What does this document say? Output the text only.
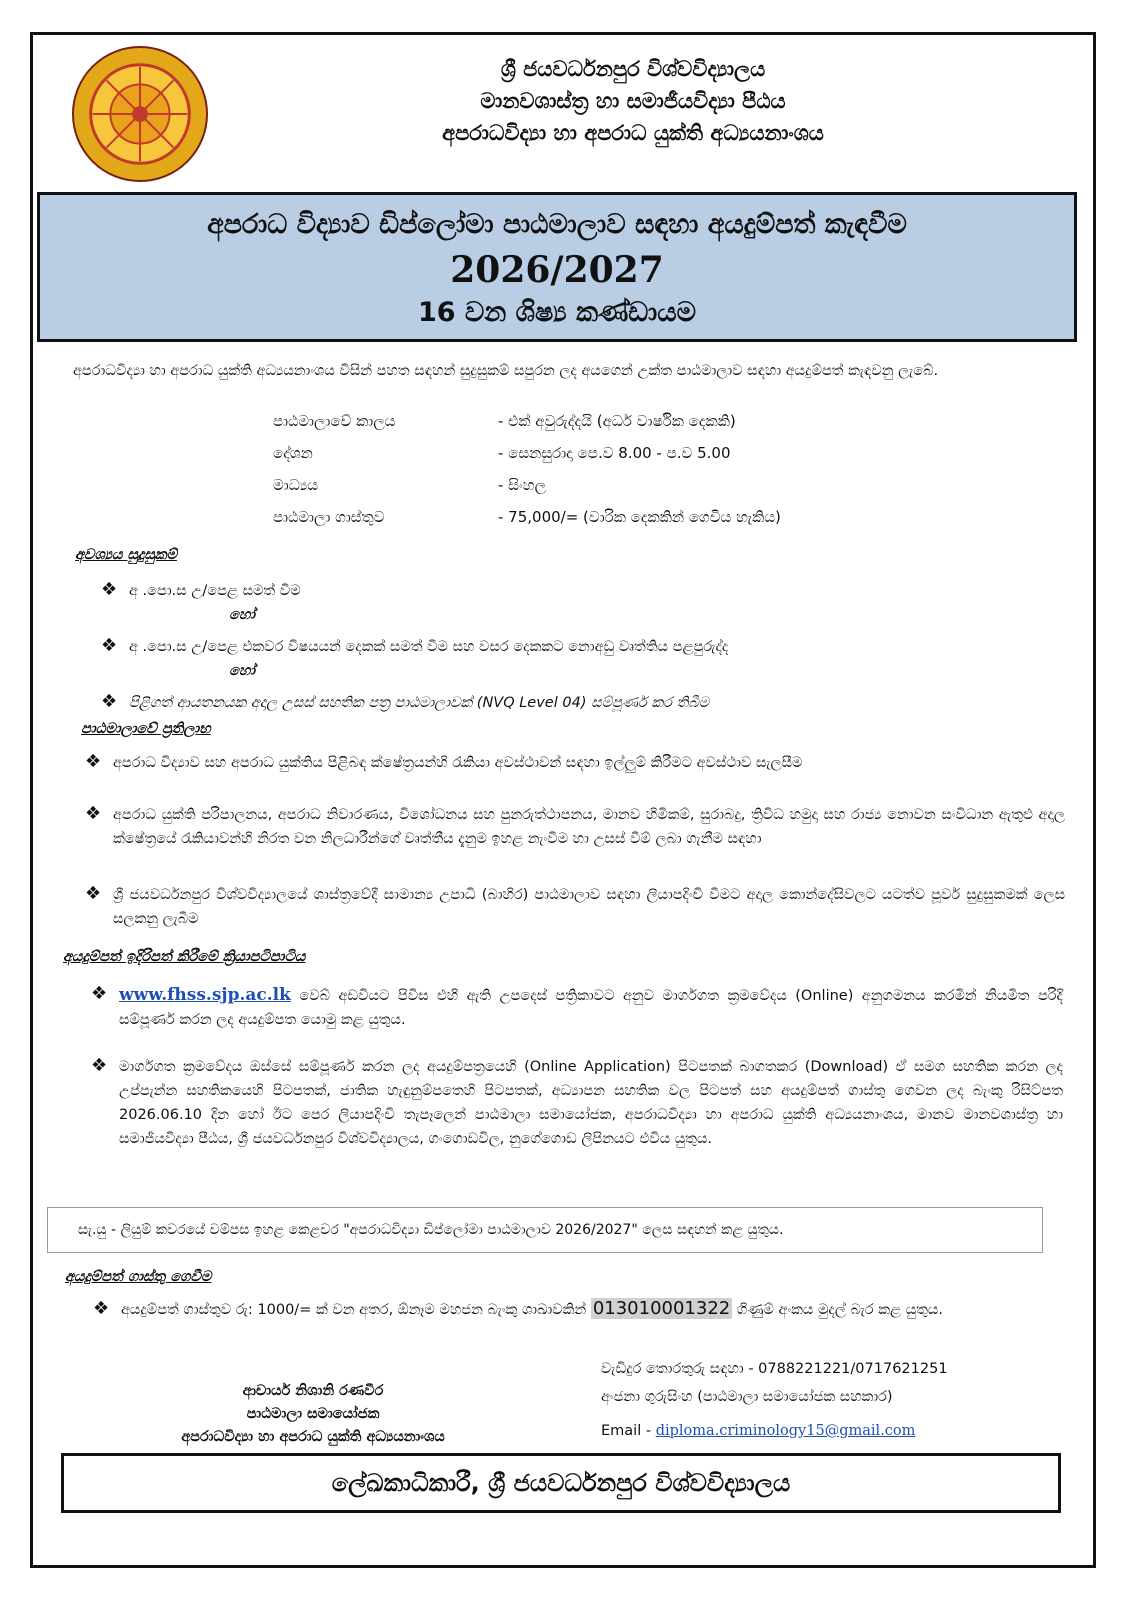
ශ්‍රී ජයවර්ධනපුර විශ්වවිද්‍යාලය
මානවශාස්ත්‍ර හා සමාජීයවිද්‍යා පීඨය
අපරාධවිද්‍යා හා අපරාධ යුක්ති අධ්‍යයනාංශය
අපරාධ විද්‍යාව ඩිප්ලෝමා පාඨමාලාව සඳහා අයදුම්පත් කැඳවීම
2026/2027
16 වන ශිෂ්‍ය කණ්ඩායම
අපරාධවිද්‍යා හා අපරාධ යුක්ති අධ්‍යයනාංශය විසින් පහත සඳහන් සුදුසුකම් සපුරන ලද අයගෙන් උක්ත පාඨමාලාව සඳහා අයදුම්පත් කැඳවනු ලැබේ.
පාඨමාලාවේ කාලය	- එක් අවුරුද්දයි (අර්ධ වාර්ෂික දෙකකි)
දේශන	- සෙනසුරාදා පෙ.ව 8.00 - ප.ව 5.00
මාධ්‍යය	- සිංහල
පාඨමාලා ගාස්තුව	- 75,000/= (වාරික දෙකකින් ගෙවිය හැකිය)
අවශ්‍යය සුදුසුකම්
❖ අ .පො.ස උ/පෙළ සමත් වීම
හෝ
❖ අ .පො.ස උ/පෙළ එකවර විෂයයන් දෙකක් සමත් වීම සහ වසර දෙකකට නොඅඩු වෘත්තිය පළපුරුද්ද
හෝ
❖ පිළිගත් ආයතනයක අදාල උසස් සහතික පත්‍ර පාඨමාලාවක් (NVQ Level 04) සම්පූර්ණ කර තිබීම
පාඨමාලාවේ ප්‍රතිලාභ
❖ අපරාධ විද්‍යාව සහ අපරාධ යුක්තිය පිළිබඳ ක්ෂේත්‍රයන්හි රැකියා අවස්ථාවන් සඳහා ඉල්ලුම් කිරීමට අවස්ථාව සැලසීම
❖ අපරාධ යුක්ති පරිපාලනය, අපරාධ නිවාරණය, විශෝධනය සහ පුනරුත්ථාපනය, මානව හිමිකම්, සුරාබදු, ත්‍රිවිධ හමුදා සහ රාජ්‍ය නොවන සංවිධාන ඇතුළු අදාල ක්ෂේත්‍රයේ රැකියාවන්හි නිරත වන නිලධාරීන්ගේ වෘත්තීය දැනුම ඉහළ නැංවීම හා උසස් වීම් ලබා ගැනීම සඳහා
❖ ශ්‍රී ජයවර්ධනපුර විශ්වවිද්‍යාලයේ ශාස්ත්‍රවේදී සාමාන්‍ය උපාධි (බාහිර) පාඨමාලාව සඳහා ලියාපදිංචි වීමට අදාල කොන්දේසිවලට යටත්ව පූර්ව සුදුසුකමක් ලෙස සලකනු ලැබීම
අයදුම්පත් ඉදිරිපත් කිරීමේ ක්‍රියාපටිපාටිය
❖ www.fhss.sjp.ac.lk වෙබ් අඩවියට පිවිස එහි ඇති උපදෙස් පත්‍රිකාවට අනුව මාර්ගගත ක්‍රමවේදය (Online) අනුගමනය කරමින් නියමිත පරිදි සම්පූර්ණ කරන ලද අයදුම්පත යොමු කළ යුතුය.
❖ මාර්ගගත ක්‍රමවේදය ඔස්සේ සම්පූර්ණ කරන ලද අයදුම්පත්‍රයෙහි (Online Application) පිටපතක් බාගතකර (Download) ඒ සමග සහතික කරන ලද උප්පැන්න සහතිකයෙහි පිටපතක්, ජාතික හැඳුනුම්පතෙහි පිටපතක්, අධ්‍යාපන සහතික වල පිටපත් සහ අයදුම්පත් ගාස්තු ගෙවන ලද බැංකු රිසිට්පත 2026.06.10 දින හෝ ඊට පෙර ලියාපදිංචි තැපෑලෙන් පාඨමාලා සමායෝජක, අපරාධවිද්‍යා හා අපරාධ යුක්ති අධ්‍යයනාංශය, මානව මානවශාස්ත්‍ර හා සමාජීයවිද්‍යා පීඨය, ශ්‍රී ජයවර්ධනපුර විශ්වවිද්‍යාලය, ගංගොඩවිල, නුගේගොඩ ලිපිනයට එවිය යුතුය.
සැ.යු - ලියුම් කවරයේ වම්පස ඉහළ කෙළවර "අපරාධවිද්‍යා ඩිප්ලෝමා පාඨමාලාව 2026/2027" ලෙස සඳහන් කළ යුතුය.
අයදුම්පත් ගාස්තු ගෙවීම
❖ අයදුම්පත් ගාස්තුව රු: 1000/= ක් වන අතර, ඕනෑම මහජන බැංකු ශාඛාවකින් 013010001322 ගිණුම් අංකය මුදල් බැර කළ යුතුය.
ආචාර්ය නිශානි රණවීර
පාඨමාලා සමායෝජක
අපරාධවිද්‍යා හා අපරාධ යුක්ති අධ්‍යයනාංශය
වැඩිදුර තොරතුරු සඳහා - 0788221221/0717621251
අංජනා ගුරුසිංහ (පාඨමාලා සමායෝජක සහකාර)
Email - diploma.criminology15@gmail.com
ලේඛකාධිකාරී, ශ්‍රී ජයවර්ධනපුර විශ්වවිද්‍යාලය
